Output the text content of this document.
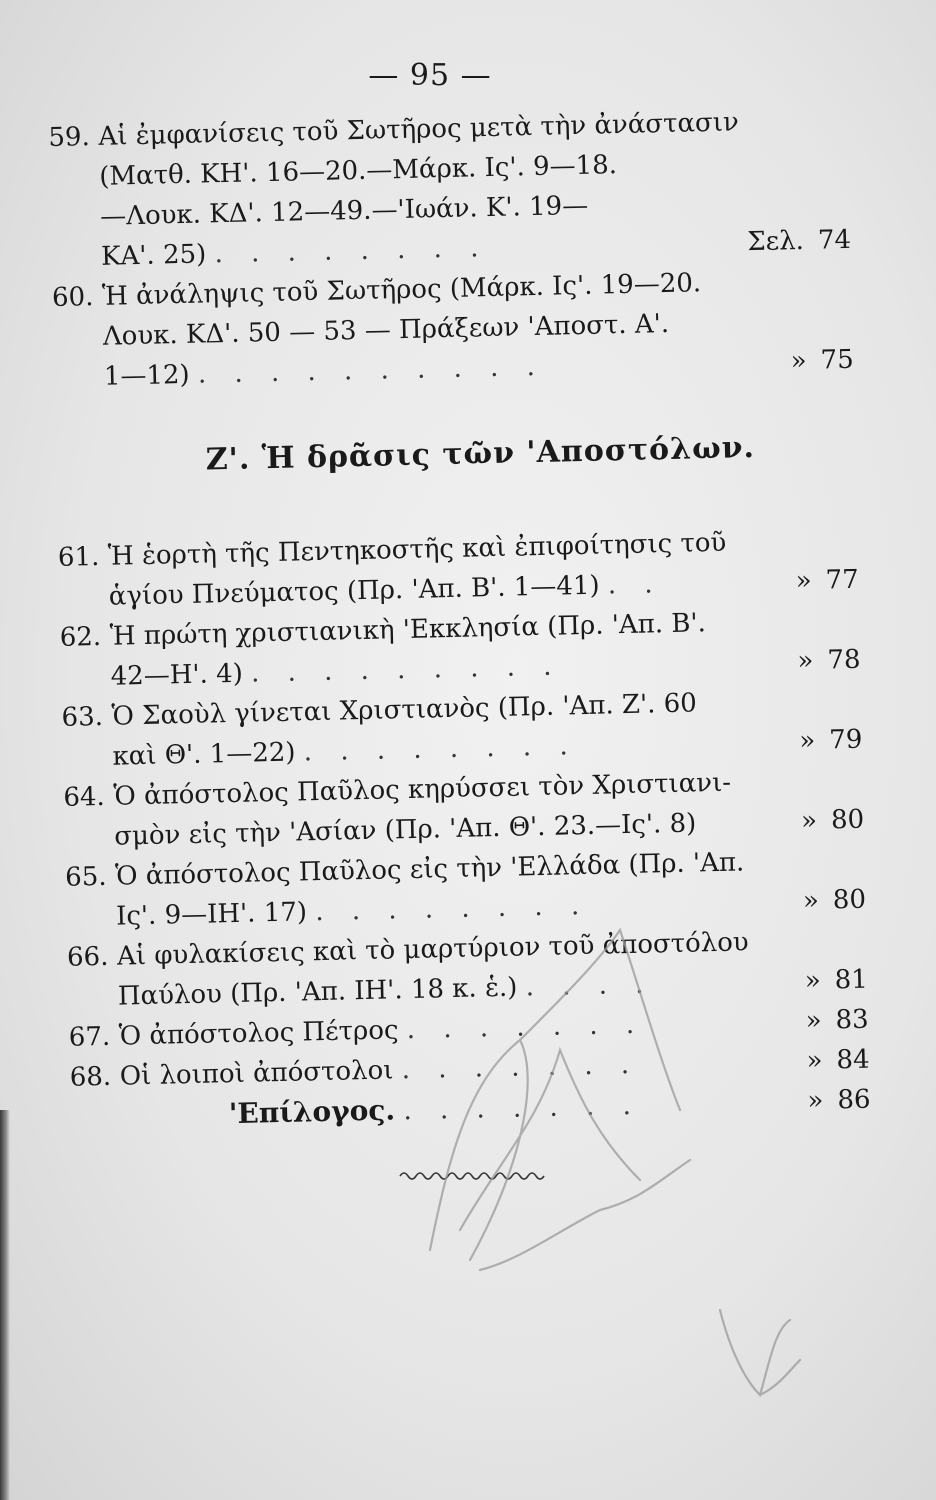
— 95 —
59. Αἱ ἐμφανίσεις τοῦ Σωτῆρος μετὰ τὴν ἀνάστασιν
(Ματθ. ΚΗ'. 16—20.—Μάρκ. Ις'. 9—18.
—Λουκ. ΚΔ'. 12—49.—'Ιωάν. Κ'. 19—
ΚΑ'. 25) . . . . . . . .	Σελ. 74
60. Ἡ ἀνάληψις τοῦ Σωτῆρος (Μάρκ. Ις'. 19—20.
Λουκ. ΚΔ'. 50 — 53 — Πράξεων 'Αποστ. Α'.
1—12) . . . . . . . . . .	» 75
Ζ'. Ἡ δρᾶσις τῶν 'Αποστόλων.
61. Ἡ ἑορτὴ τῆς Πεντηκοστῆς καὶ ἐπιφοίτησις τοῦ
ἁγίου Πνεύματος (Πρ. 'Απ. Β'. 1—41) . .	» 77
62. Ἡ πρώτη χριστιανικὴ 'Εκκλησία (Πρ. 'Απ. Β'.
42—Η'. 4) . . . . . . . . .	» 78
63. Ὁ Σαοὺλ γίνεται Χριστιανὸς (Πρ. 'Απ. Ζ'. 60
καὶ Θ'. 1—22) . . . . . . . .	» 79
64. Ὁ ἀπόστολος Παῦλος κηρύσσει τὸν Χριστιανι-
σμὸν εἰς τὴν 'Ασίαν (Πρ. 'Απ. Θ'. 23.—Ις'. 8)	» 80
65. Ὁ ἀπόστολος Παῦλος εἰς τὴν 'Ελλάδα (Πρ. 'Απ.
Ις'. 9—ΙΗ'. 17) . . . . . . . .	» 80
66. Αἱ φυλακίσεις καὶ τὸ μαρτύριον τοῦ ἀποστόλου
Παύλου (Πρ. 'Απ. ΙΗ'. 18 κ. ἑ.) . . . .	» 81
67. Ὁ ἀπόστολος Πέτρος . . . . . . .	» 83
68. Οἱ λοιποὶ ἀπόστολοι . . . . . . .	» 84
'Επίλογος. . . . . . . .	» 86
